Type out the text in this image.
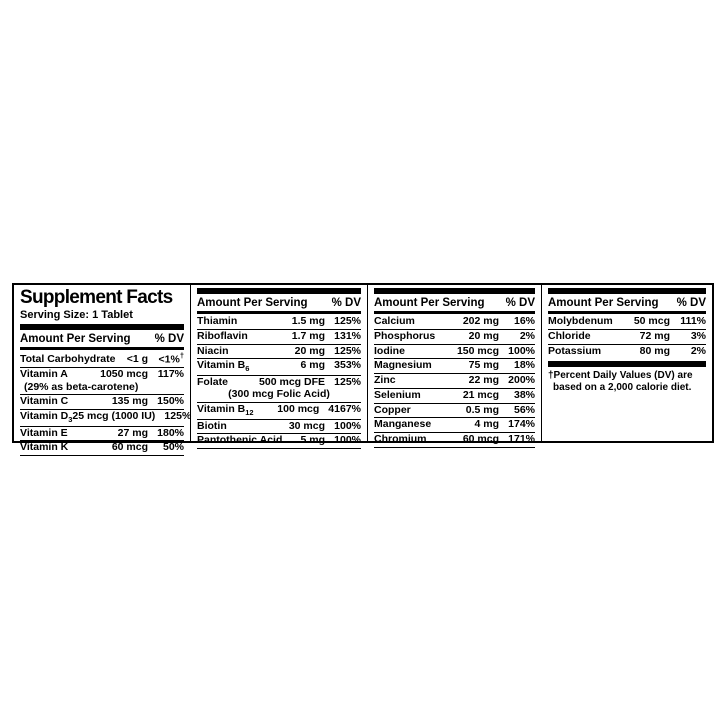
Supplement Facts
Serving Size: 1 Tablet
Amount Per Serving % DV
Total Carbohydrate	<1 g	<1%†
Vitamin A	1050 mcg 117%
(29% as beta-carotene)
Vitamin C	135 mg 150%
Vitamin $D_3$ 25 mcg (1000 IU) 125%
Vitamin E	27 mg 180%
Vitamin K	60 mcg	50%
Amount Per Serving % DV
Thiamin	1.5 mg 125%
Riboflavin	1.7 mg 131%
Niacin	20 mg 125%
Vitamin $B_6$	6 mg 353%
Folate	500 mcg DFE 125%
(300 mcg Folic Acid)
Vitamin $B_{12}$	100 mcg 4167%
Biotin	30 mcg 100%
Pantothenic Acid	5 mg 100%
Amount Per Serving % DV
Calcium	202 mg	16%
Phosphorus	20 mg	2%
Iodine	150 mcg 100%
Magnesium	75 mg	18%
Zinc	22 mg 200%
Selenium	21 mcg	38%
Copper	0.5 mg	56%
Manganese	4 mg 174%
Chromium	60 mcg 171%
Amount Per Serving % DV
Molybdenum	50 mcg 111%
Chloride	72 mg	3%
Potassium	80 mg	2%
†Percent Daily Values (DV) are based on a 2,000 calorie diet.
